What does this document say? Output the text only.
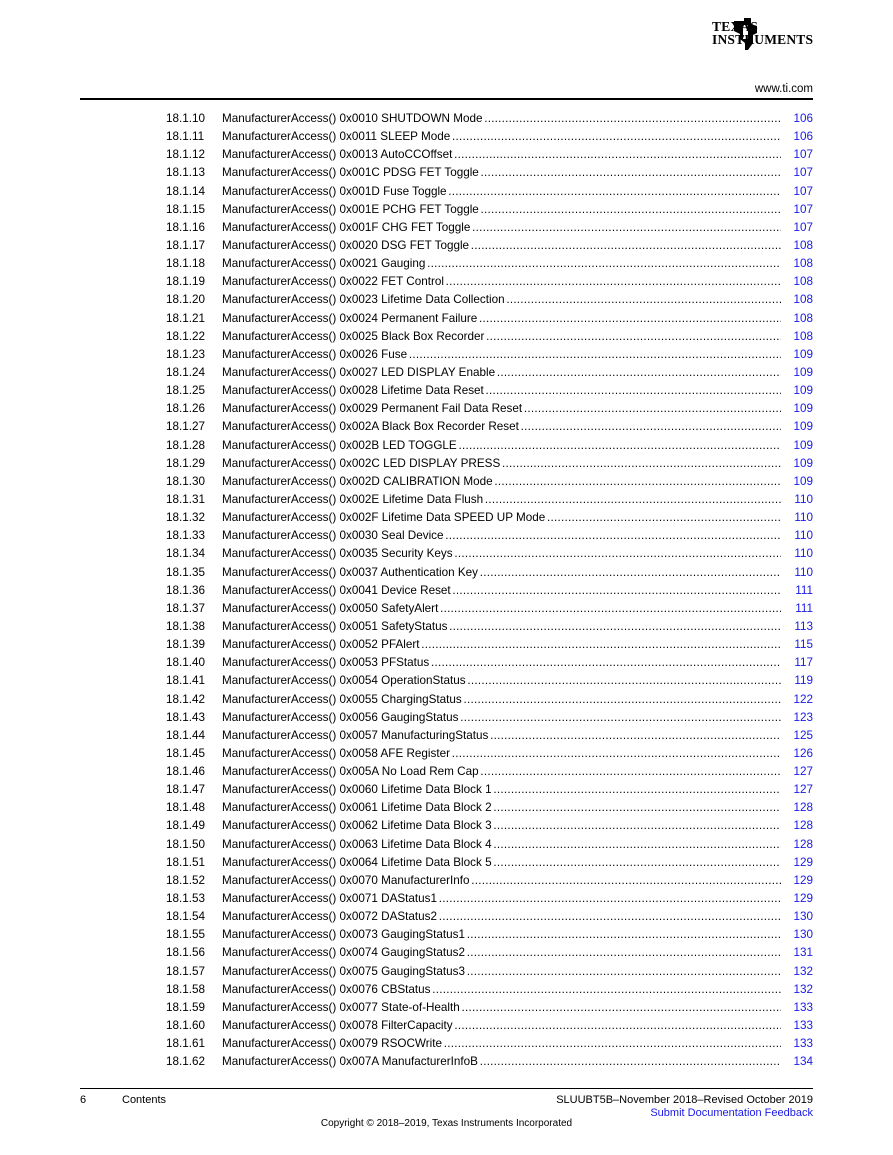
TEXAS
INSTRUMENTS
www.ti.com
18.1.10 ManufacturerAccess() 0x0010 SHUTDOWN Mode . . .	106
18.1.11 ManufacturerAccess() 0x0011 SLEEP Mode . . .	106
18.1.12 ManufacturerAccess() 0x0013 AutoCCOffset . . .	107
18.1.13 ManufacturerAccess() 0x001C PDSG FET Toggle . . .	107
18.1.14 ManufacturerAccess() 0x001D Fuse Toggle . . .	107
18.1.15 ManufacturerAccess() 0x001E PCHG FET Toggle . . .	107
18.1.16 ManufacturerAccess() 0x001F CHG FET Toggle . . .	107
18.1.17 ManufacturerAccess() 0x0020 DSG FET Toggle . . .	108
18.1.18 ManufacturerAccess() 0x0021 Gauging . . .	108
18.1.19 ManufacturerAccess() 0x0022 FET Control . . .	108
18.1.20 ManufacturerAccess() 0x0023 Lifetime Data Collection . . .	108
18.1.21 ManufacturerAccess() 0x0024 Permanent Failure . . .	108
18.1.22 ManufacturerAccess() 0x0025 Black Box Recorder . . .	108
18.1.23 ManufacturerAccess() 0x0026 Fuse . . .	109
18.1.24 ManufacturerAccess() 0x0027 LED DISPLAY Enable . . .	109
18.1.25 ManufacturerAccess() 0x0028 Lifetime Data Reset . . .	109
18.1.26 ManufacturerAccess() 0x0029 Permanent Fail Data Reset . . .	109
18.1.27 ManufacturerAccess() 0x002A Black Box Recorder Reset . . .	109
18.1.28 ManufacturerAccess() 0x002B LED TOGGLE . . .	109
18.1.29 ManufacturerAccess() 0x002C LED DISPLAY PRESS . . .	109
18.1.30 ManufacturerAccess() 0x002D CALIBRATION Mode . . .	109
18.1.31 ManufacturerAccess() 0x002E Lifetime Data Flush . . .	110
18.1.32 ManufacturerAccess() 0x002F Lifetime Data SPEED UP Mode . . .	110
18.1.33 ManufacturerAccess() 0x0030 Seal Device . . .	110
18.1.34 ManufacturerAccess() 0x0035 Security Keys . . .	110
18.1.35 ManufacturerAccess() 0x0037 Authentication Key . . .	110
18.1.36 ManufacturerAccess() 0x0041 Device Reset . . .	111
18.1.37 ManufacturerAccess() 0x0050 SafetyAlert . . .	111
18.1.38 ManufacturerAccess() 0x0051 SafetyStatus . . .	113
18.1.39 ManufacturerAccess() 0x0052 PFAlert . . .	115
18.1.40 ManufacturerAccess() 0x0053 PFStatus . . .	117
18.1.41 ManufacturerAccess() 0x0054 OperationStatus . . .	119
18.1.42 ManufacturerAccess() 0x0055 ChargingStatus . . .	122
18.1.43 ManufacturerAccess() 0x0056 GaugingStatus . . .	123
18.1.44 ManufacturerAccess() 0x0057 ManufacturingStatus . . .	125
18.1.45 ManufacturerAccess() 0x0058 AFE Register . . .	126
18.1.46 ManufacturerAccess() 0x005A No Load Rem Cap . . .	127
18.1.47 ManufacturerAccess() 0x0060 Lifetime Data Block 1 . . .	127
18.1.48 ManufacturerAccess() 0x0061 Lifetime Data Block 2 . . .	128
18.1.49 ManufacturerAccess() 0x0062 Lifetime Data Block 3 . . .	128
18.1.50 ManufacturerAccess() 0x0063 Lifetime Data Block 4 . . .	128
18.1.51 ManufacturerAccess() 0x0064 Lifetime Data Block 5 . . .	129
18.1.52 ManufacturerAccess() 0x0070 ManufacturerInfo . . .	129
18.1.53 ManufacturerAccess() 0x0071 DAStatus1 . . .	129
18.1.54 ManufacturerAccess() 0x0072 DAStatus2 . . .	130
18.1.55 ManufacturerAccess() 0x0073 GaugingStatus1 . . .	130
18.1.56 ManufacturerAccess() 0x0074 GaugingStatus2 . . .	131
18.1.57 ManufacturerAccess() 0x0075 GaugingStatus3 . . .	132
18.1.58 ManufacturerAccess() 0x0076 CBStatus . . .	132
18.1.59 ManufacturerAccess() 0x0077 State-of-Health . . .	133
18.1.60 ManufacturerAccess() 0x0078 FilterCapacity . . .	133
18.1.61 ManufacturerAccess() 0x0079 RSOCWrite . . .	133
18.1.62 ManufacturerAccess() 0x007A ManufacturerInfoB . . .	134
6	Contents	SLUUBT5B–November 2018–Revised October 2019
Submit Documentation Feedback
Copyright © 2018–2019, Texas Instruments Incorporated
